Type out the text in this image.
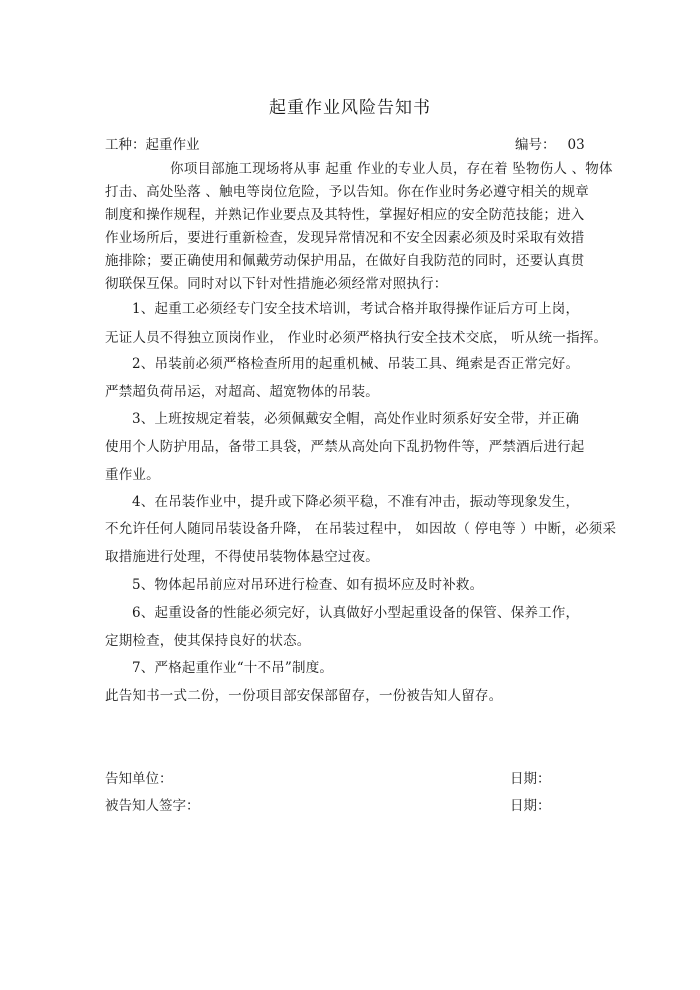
起重作业风险告知书
工种：起重作业	编号： 03
你项目部施工现场将从事 起重 作业的专业人员，存在着 坠物伤人 、物体
打击、高处坠落 、触电等岗位危险，予以告知。你在作业时务必遵守相关的规章
制度和操作规程，并熟记作业要点及其特性，掌握好相应的安全防范技能；进入
作业场所后，要进行重新检查，发现异常情况和不安全因素必须及时采取有效措
施排除；要正确使用和佩戴劳动保护用品，在做好自我防范的同时，还要认真贯
彻联保互保。同时对以下针对性措施必须经常对照执行：
1、起重工必须经专门安全技术培训，考试合格并取得操作证后方可上岗，
无证人员不得独立顶岗作业， 作业时必须严格执行安全技术交底， 听从统一指挥。
2、吊装前必须严格检查所用的起重机械、吊装工具、绳索是否正常完好。
严禁超负荷吊运，对超高、超宽物体的吊装。
3、上班按规定着装，必须佩戴安全帽，高处作业时须系好安全带，并正确
使用个人防护用品，备带工具袋，严禁从高处向下乱扔物件等，严禁酒后进行起
重作业。
4、在吊装作业中，提升或下降必须平稳，不准有冲击，振动等现象发生，
不允许任何人随同吊装设备升降， 在吊装过程中， 如因故（ 停电等 ）中断，必须采
取措施进行处理，不得使吊装物体悬空过夜。
5、物体起吊前应对吊环进行检查、如有损坏应及时补救。
6、起重设备的性能必须完好，认真做好小型起重设备的保管、保养工作，
定期检查，使其保持良好的状态。
7、严格起重作业“十不吊”制度。
此告知书一式二份，一份项目部安保部留存，一份被告知人留存。
告知单位：	日期：
被告知人签字：	日期：
